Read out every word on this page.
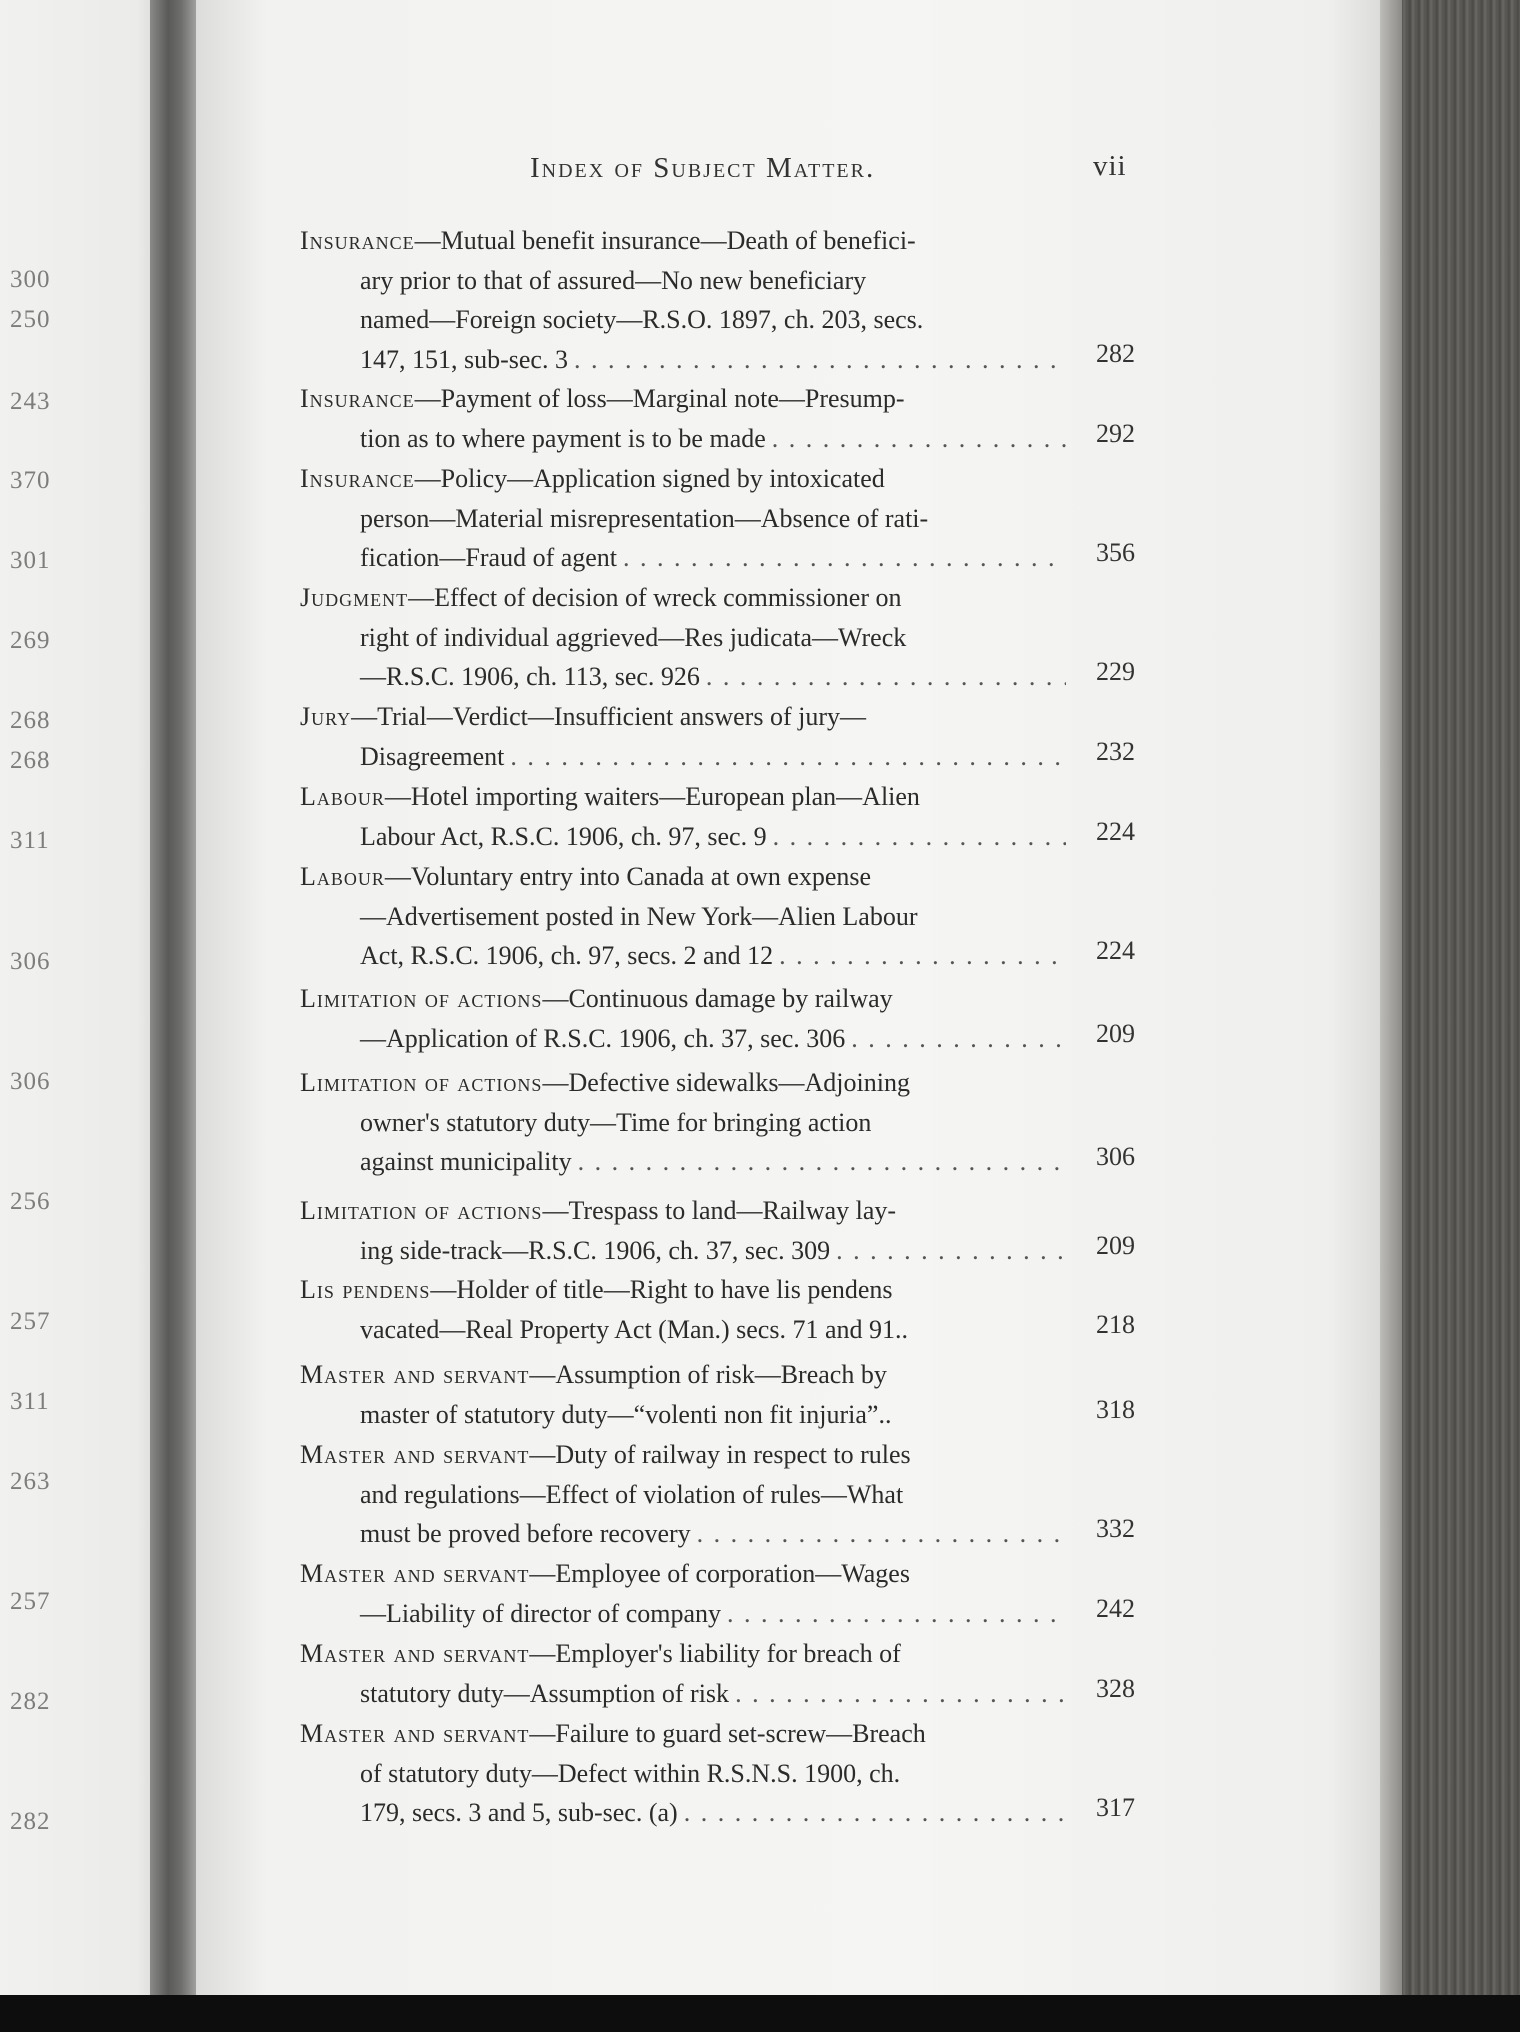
300
250
243
370
301
269
268
268
311
306
306
256
257
311
263
257
282
282
Index of Subject Matter.	vii
Insurance —Mutual benefit insurance—Death of benefici-
ary prior to that of assured—No new beneficiary
named—Foreign society—R.S.O. 1897, ch. 203, secs.
147, 151, sub-sec. 3 . . .	282
Insurance —Payment of loss—Marginal note—Presump-
tion as to where payment is to be made . . .	292
Insurance —Policy—Application signed by intoxicated
person—Material misrepresentation—Absence of rati-
fication—Fraud of agent . . .	356
Judgment —Effect of decision of wreck commissioner on
right of individual aggrieved—Res judicata—Wreck
—R.S.C. 1906, ch. 113, sec. 926 . . .	229
Jury —Trial—Verdict—Insufficient answers of jury—
Disagreement . . .	232
Labour —Hotel importing waiters—European plan—Alien
Labour Act, R.S.C. 1906, ch. 97, sec. 9 . . .	224
Labour —Voluntary entry into Canada at own expense
—Advertisement posted in New York—Alien Labour
Act, R.S.C. 1906, ch. 97, secs. 2 and 12 . . .	224
Limitation of actions —Continuous damage by railway
—Application of R.S.C. 1906, ch. 37, sec. 306 . . .	209
Limitation of actions —Defective sidewalks—Adjoining
owner's statutory duty—Time for bringing action
against municipality . . .	306
Limitation of actions —Trespass to land—Railway lay-
ing side-track—R.S.C. 1906, ch. 37, sec. 309 . . .	209
Lis pendens —Holder of title—Right to have lis pendens
vacated—Real Property Act (Man.) secs. 71 and 91..	218
Master and servant —Assumption of risk—Breach by
master of statutory duty—“volenti non fit injuria”..	318
Master and servant —Duty of railway in respect to rules
and regulations—Effect of violation of rules—What
must be proved before recovery . . .	332
Master and servant —Employee of corporation—Wages
—Liability of director of company . . .	242
Master and servant —Employer's liability for breach of
statutory duty—Assumption of risk . . .	328
Master and servant —Failure to guard set-screw—Breach
of statutory duty—Defect within R.S.N.S. 1900, ch.
179, secs. 3 and 5, sub-sec. (a) . . .	317
